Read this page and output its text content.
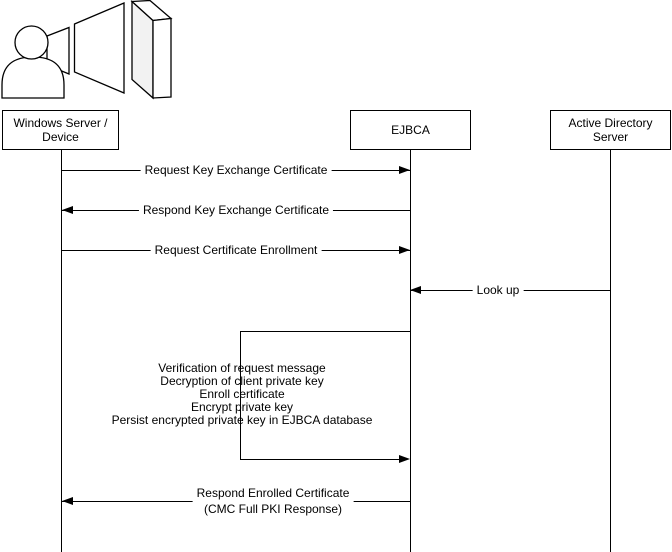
Windows Server / Device	EJBCA	Active Directory Server
Request Key Exchange Certificate
Respond Key Exchange Certificate
Request Certificate Enrollment
Look up
Verification of request message
Decryption of client private key
Enroll certificate
Encrypt private key
Persist encrypted private key in EJBCA database
Respond Enrolled Certificate
(CMC Full PKI Response)
